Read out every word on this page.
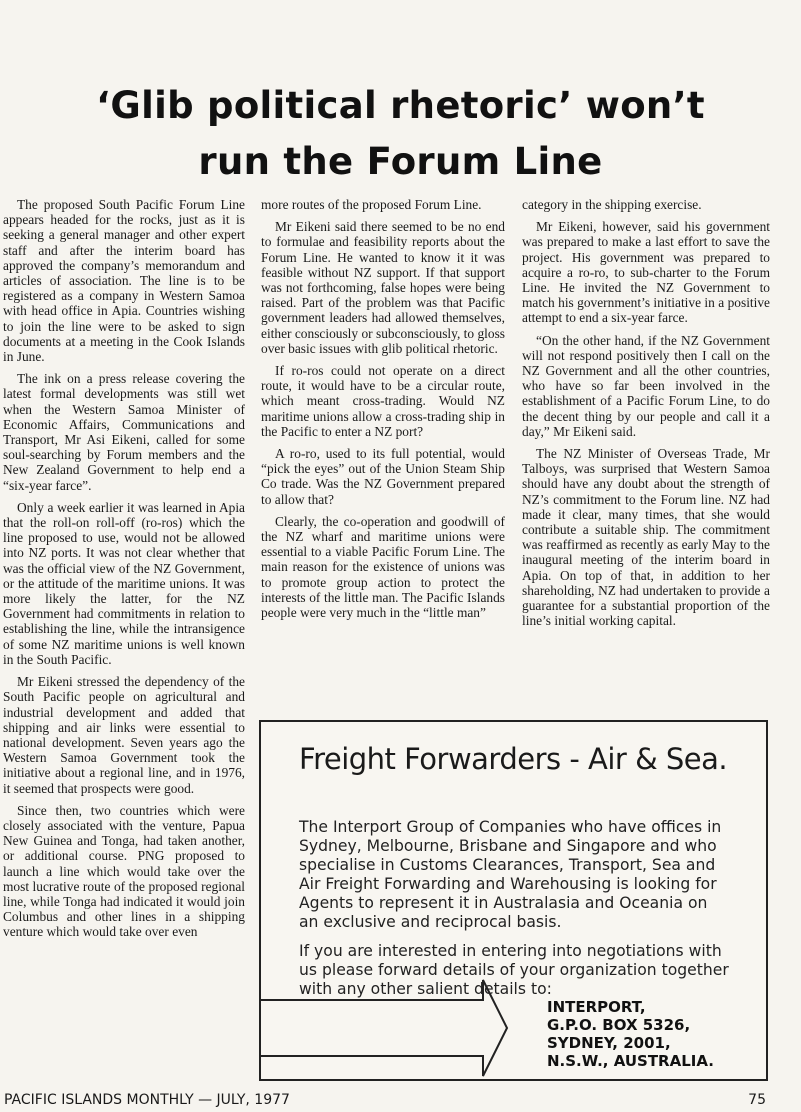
‘Glib political rhetoric’ won’t
run the Forum Line

The proposed South Pacific Forum Line appears headed for the rocks, just as it is seeking a general manager and other expert staff and after the interim board has approved the company’s memorandum and articles of association. The line is to be registered as a company in Western Samoa with head office in Apia. Countries wishing to join the line were to be asked to sign documents at a meeting in the Cook Islands in June.

The ink on a press release covering the latest formal developments was still wet when the Western Samoa Minister of Economic Affairs, Communications and Transport, Mr Asi Eikeni, called for some soul-searching by Forum members and the New Zealand Government to help end a “six-year farce”.

Only a week earlier it was learned in Apia that the roll-on roll-off (ro-ros) which the line proposed to use, would not be allowed into NZ ports. It was not clear whether that was the official view of the NZ Government, or the attitude of the maritime unions. It was more likely the latter, for the NZ Government had commitments in relation to establishing the line, while the intransigence of some NZ maritime unions is well known in the South Pacific.

Mr Eikeni stressed the dependency of the South Pacific people on agricultural and industrial development and added that shipping and air links were essential to national development. Seven years ago the Western Samoa Government took the initiative about a regional line, and in 1976, it seemed that prospects were good.

Since then, two countries which were closely associated with the venture, Papua New Guinea and Tonga, had taken another, or additional course. PNG proposed to launch a line which would take over the most lucrative route of the proposed regional line, while Tonga had indicated it would join Columbus and other lines in a shipping venture which would take over even

more routes of the proposed Forum Line.

Mr Eikeni said there seemed to be no end to formulae and feasibility reports about the Forum Line. He wanted to know it it was feasible without NZ support. If that support was not forthcoming, false hopes were being raised. Part of the problem was that Pacific government leaders had allowed themselves, either consciously or subconsciously, to gloss over basic issues with glib political rhetoric.

If ro-ros could not operate on a direct route, it would have to be a circular route, which meant cross-trading. Would NZ maritime unions allow a cross-trading ship in the Pacific to enter a NZ port?

A ro-ro, used to its full potential, would “pick the eyes” out of the Union Steam Ship Co trade. Was the NZ Government prepared to allow that?

Clearly, the co-operation and goodwill of the NZ wharf and maritime unions were essential to a viable Pacific Forum Line. The main reason for the existence of unions was to promote group action to protect the interests of the little man. The Pacific Islands people were very much in the “little man”

category in the shipping exercise.

Mr Eikeni, however, said his government was prepared to make a last effort to save the project. His government was prepared to acquire a ro-ro, to sub-charter to the Forum Line. He invited the NZ Government to match his government’s initiative in a positive attempt to end a six-year farce.

“On the other hand, if the NZ Government will not respond positively then I call on the NZ Government and all the other countries, who have so far been involved in the establishment of a Pacific Forum Line, to do the decent thing by our people and call it a day,” Mr Eikeni said.

The NZ Minister of Overseas Trade, Mr Talboys, was surprised that Western Samoa should have any doubt about the strength of NZ’s commitment to the Forum line. NZ had made it clear, many times, that she would contribute a suitable ship. The commitment was reaffirmed as recently as early May to the inaugural meeting of the interim board in Apia. On top of that, in addition to her shareholding, NZ had undertaken to provide a guarantee for a substantial proportion of the line’s initial working capital.

Freight Forwarders - Air & Sea.

The Interport Group of Companies who have offices in Sydney, Melbourne, Brisbane and Singapore and who specialise in Customs Clearances, Transport, Sea and Air Freight Forwarding and Warehousing is looking for Agents to represent it in Australasia and Oceania on an exclusive and reciprocal basis.

If you are interested in entering into negotiations with us please forward details of your organization together with any other salient details to:

INTERPORT,
G.P.O. BOX 5326,
SYDNEY, 2001,
N.S.W., AUSTRALIA.
PACIFIC ISLANDS MONTHLY — JULY, 1977	75
